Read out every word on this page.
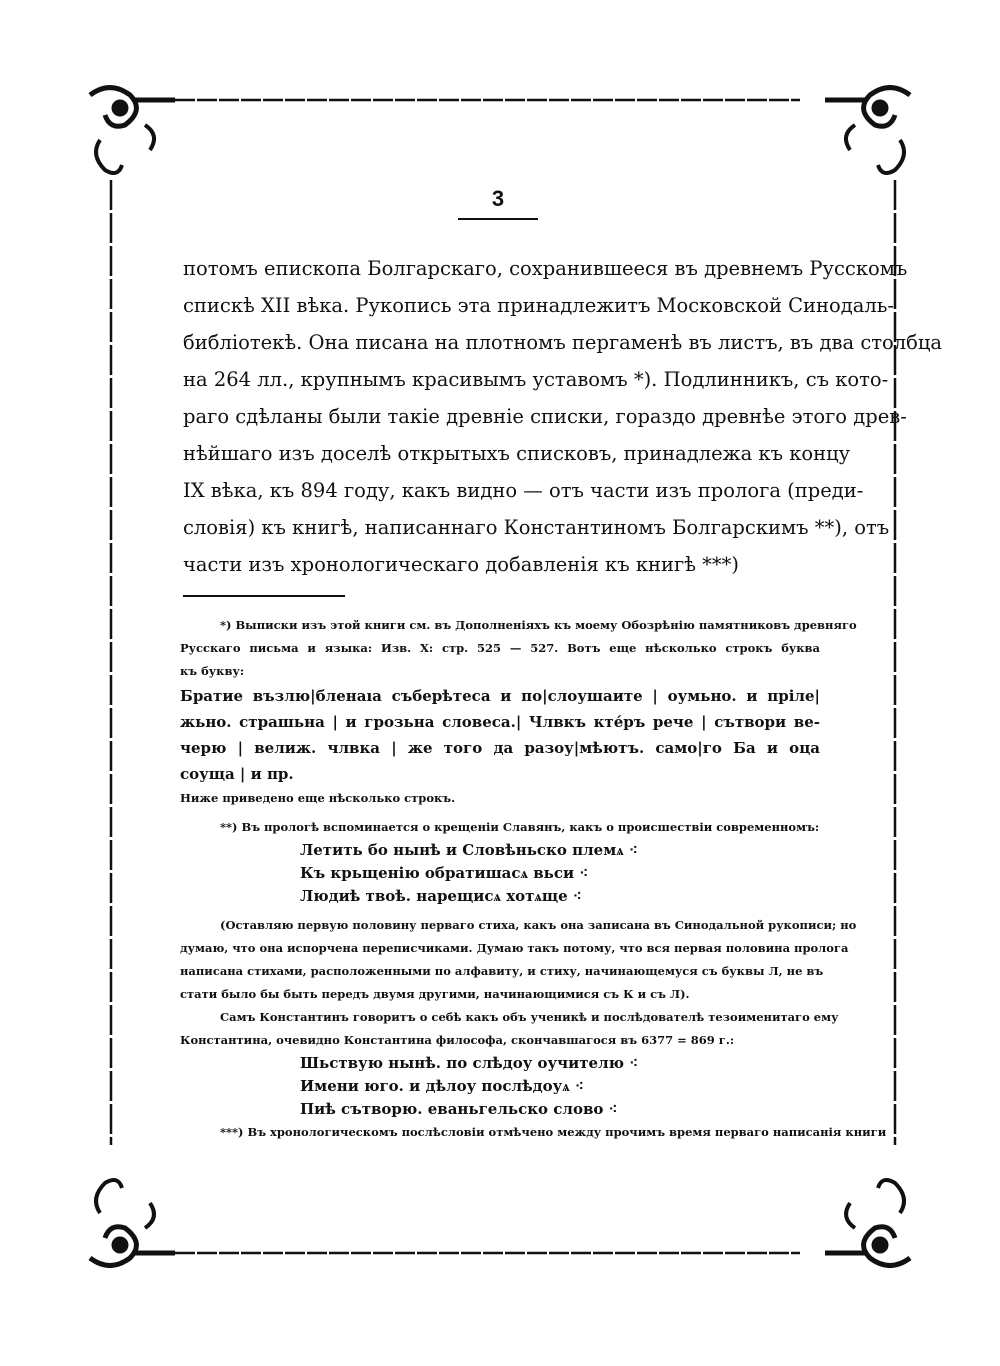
3
потомъ епископа Болгарскаго, сохранившееся въ древнемъ Русскомъ
спискѣ XII вѣка. Рукопись эта принадлежитъ Московской Синодаль-
библiотекѣ. Она писана на плотномъ пергаменѣ въ листъ, въ два столбца
на 264 лл., крупнымъ красивымъ уставомъ *). Подлинникъ, съ кото-
раго сдѣланы были такiе древнiе списки, гораздо древнѣе этого древ-
нѣйшаго изъ доселѣ открытыхъ списковъ, принадлежа къ концу
IX вѣка, къ 894 году, какъ видно — отъ части изъ пролога (преди-
словiя) къ книгѣ, написаннаго Константиномъ Болгарскимъ **), отъ
части изъ хронологическаго добавленiя къ книгѣ ***)
*) Выписки изъ этой книги см. въ Дополненiяхъ къ моему Обозрѣнiю памятниковъ древняго
Русскаго письма и языка: Изв. X: стр. 525 — 527. Вотъ еще нѣсколько строкъ буква
къ букву:
Братие възлю|бленаıа съберѣтеса и по|слоушаите | оумьно. и прiле|
жьно. страшьна | и грозьна словеса.| Члвкъ кте́ръ рече | сътвори ве-
черю | велиж. члвка | же того да разоу|мѣютъ. само|го Ба и оца
соуща | и пр.
Ниже приведено еще нѣсколько строкъ.
**) Въ прологѣ вспоминается о крещенiи Славянъ, какъ о происшествiи современномъ:
Летить бо нынѣ и Словѣньско племѧ ⁖
Къ крьщенiю обратишасѧ вьси ⁖
Людиѣ твоѣ. нарещисѧ хотѧще ⁖
(Оставляю первую половину перваго стиха, какъ она записана въ Синодальной рукописи; но
думаю, что она испорчена переписчиками. Думаю такъ потому, что вся первая половина пролога
написана стихами, расположенными по алфавиту, и стиху, начинающемуся съ буквы Л, не въ
стати было бы быть передъ двумя другими, начинающимися съ К и съ Л).
Самъ Константинъ говоритъ о себѣ какъ объ ученикѣ и послѣдователѣ тезоименитаго ему
Константина, очевидно Константина философа, скончавшагося въ 6377 = 869 г.:
Шьствую нынѣ. по слѣдоу оучителю ⁖
Имени юго. и дѣлоу послѣдоуѧ ⁖
Пиѣ сътворю. еваньгельско слово ⁖
***) Въ хронологическомъ послѣсловiи отмѣчено между прочимъ время перваго написанiя книги
